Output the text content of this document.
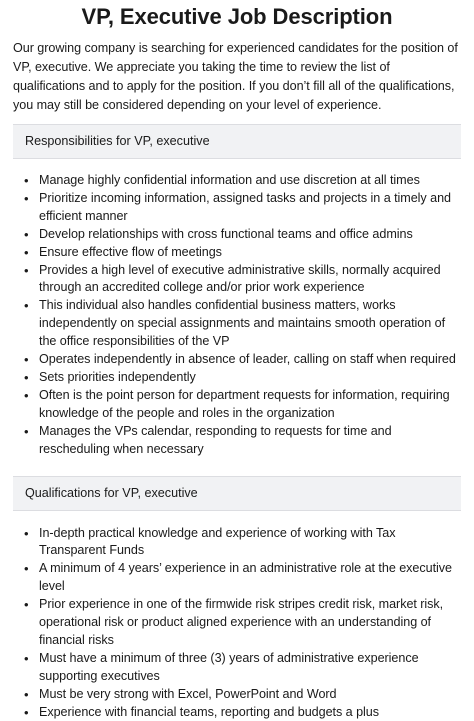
VP, Executive Job Description

Our growing company is searching for experienced candidates for the position of VP, executive. We appreciate you taking the time to review the list of qualifications and to apply for the position. If you don’t fill all of the qualifications, you may still be considered depending on your level of experience.

Responsibilities for VP, executive
• Manage highly confidential information and use discretion at all times
• Prioritize incoming information, assigned tasks and projects in a timely and efficient manner
• Develop relationships with cross functional teams and office admins
• Ensure effective flow of meetings
• Provides a high level of executive administrative skills, normally acquired through an accredited college and/or prior work experience
• This individual also handles confidential business matters, works independently on special assignments and maintains smooth operation of the office responsibilities of the VP
• Operates independently in absence of leader, calling on staff when required
• Sets priorities independently
• Often is the point person for department requests for information, requiring knowledge of the people and roles in the organization
• Manages the VPs calendar, responding to requests for time and rescheduling when necessary
Qualifications for VP, executive
• In-depth practical knowledge and experience of working with Tax Transparent Funds
• A minimum of 4 years’ experience in an administrative role at the executive level
• Prior experience in one of the firmwide risk stripes credit risk, market risk, operational risk or product aligned experience with an understanding of financial risks
• Must have a minimum of three (3) years of administrative experience supporting executives
• Must be very strong with Excel, PowerPoint and Word
• Experience with financial teams, reporting and budgets a plus
